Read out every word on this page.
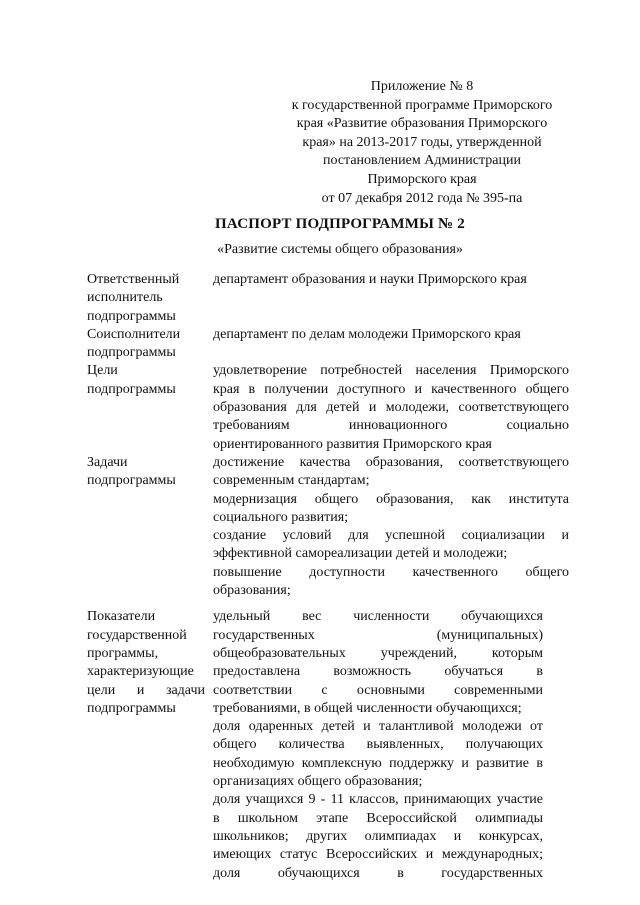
Приложение № 8
к государственной программе Приморского
края «Развитие образования Приморского
края» на 2013-2017 годы, утвержденной
постановлением Администрации
Приморского края
от 07 декабря 2012 года № 395-па
ПАСПОРТ ПОДПРОГРАММЫ № 2
«Развитие системы общего образования»
Ответственный
исполнитель
подпрограммы
департамент образования и науки Приморского края
Соисполнители
подпрограммы
департамент по делам молодежи Приморского края
Цели
подпрограммы
удовлетворение потребностей населения Приморского
края в получении доступного и качественного общего
образования для детей и молодежи, соответствующего
требованиям инновационного социально
ориентированного развития Приморского края
Задачи
подпрограммы
достижение качества образования, соответствующего
современным стандартам;
модернизация общего образования, как института
социального развития;
создание условий для успешной социализации и
эффективной самореализации детей и молодежи;
повышение доступности качественного общего
образования;
Показатели
государственной
программы,
характеризующие
цели и задачи
подпрограммы
удельный вес численности обучающихся
государственных (муниципальных)
общеобразовательных учреждений, которым
предоставлена возможность обучаться в
соответствии с основными современными
требованиями, в общей численности обучающихся;
доля одаренных детей и талантливой молодежи от
общего количества выявленных, получающих
необходимую комплексную поддержку и развитие в
организациях общего образования;
доля учащихся 9 - 11 классов, принимающих участие
в школьном этапе Всероссийской олимпиады
школьников; других олимпиадах и конкурсах,
имеющих статус Всероссийских и международных;
доля обучающихся в государственных
